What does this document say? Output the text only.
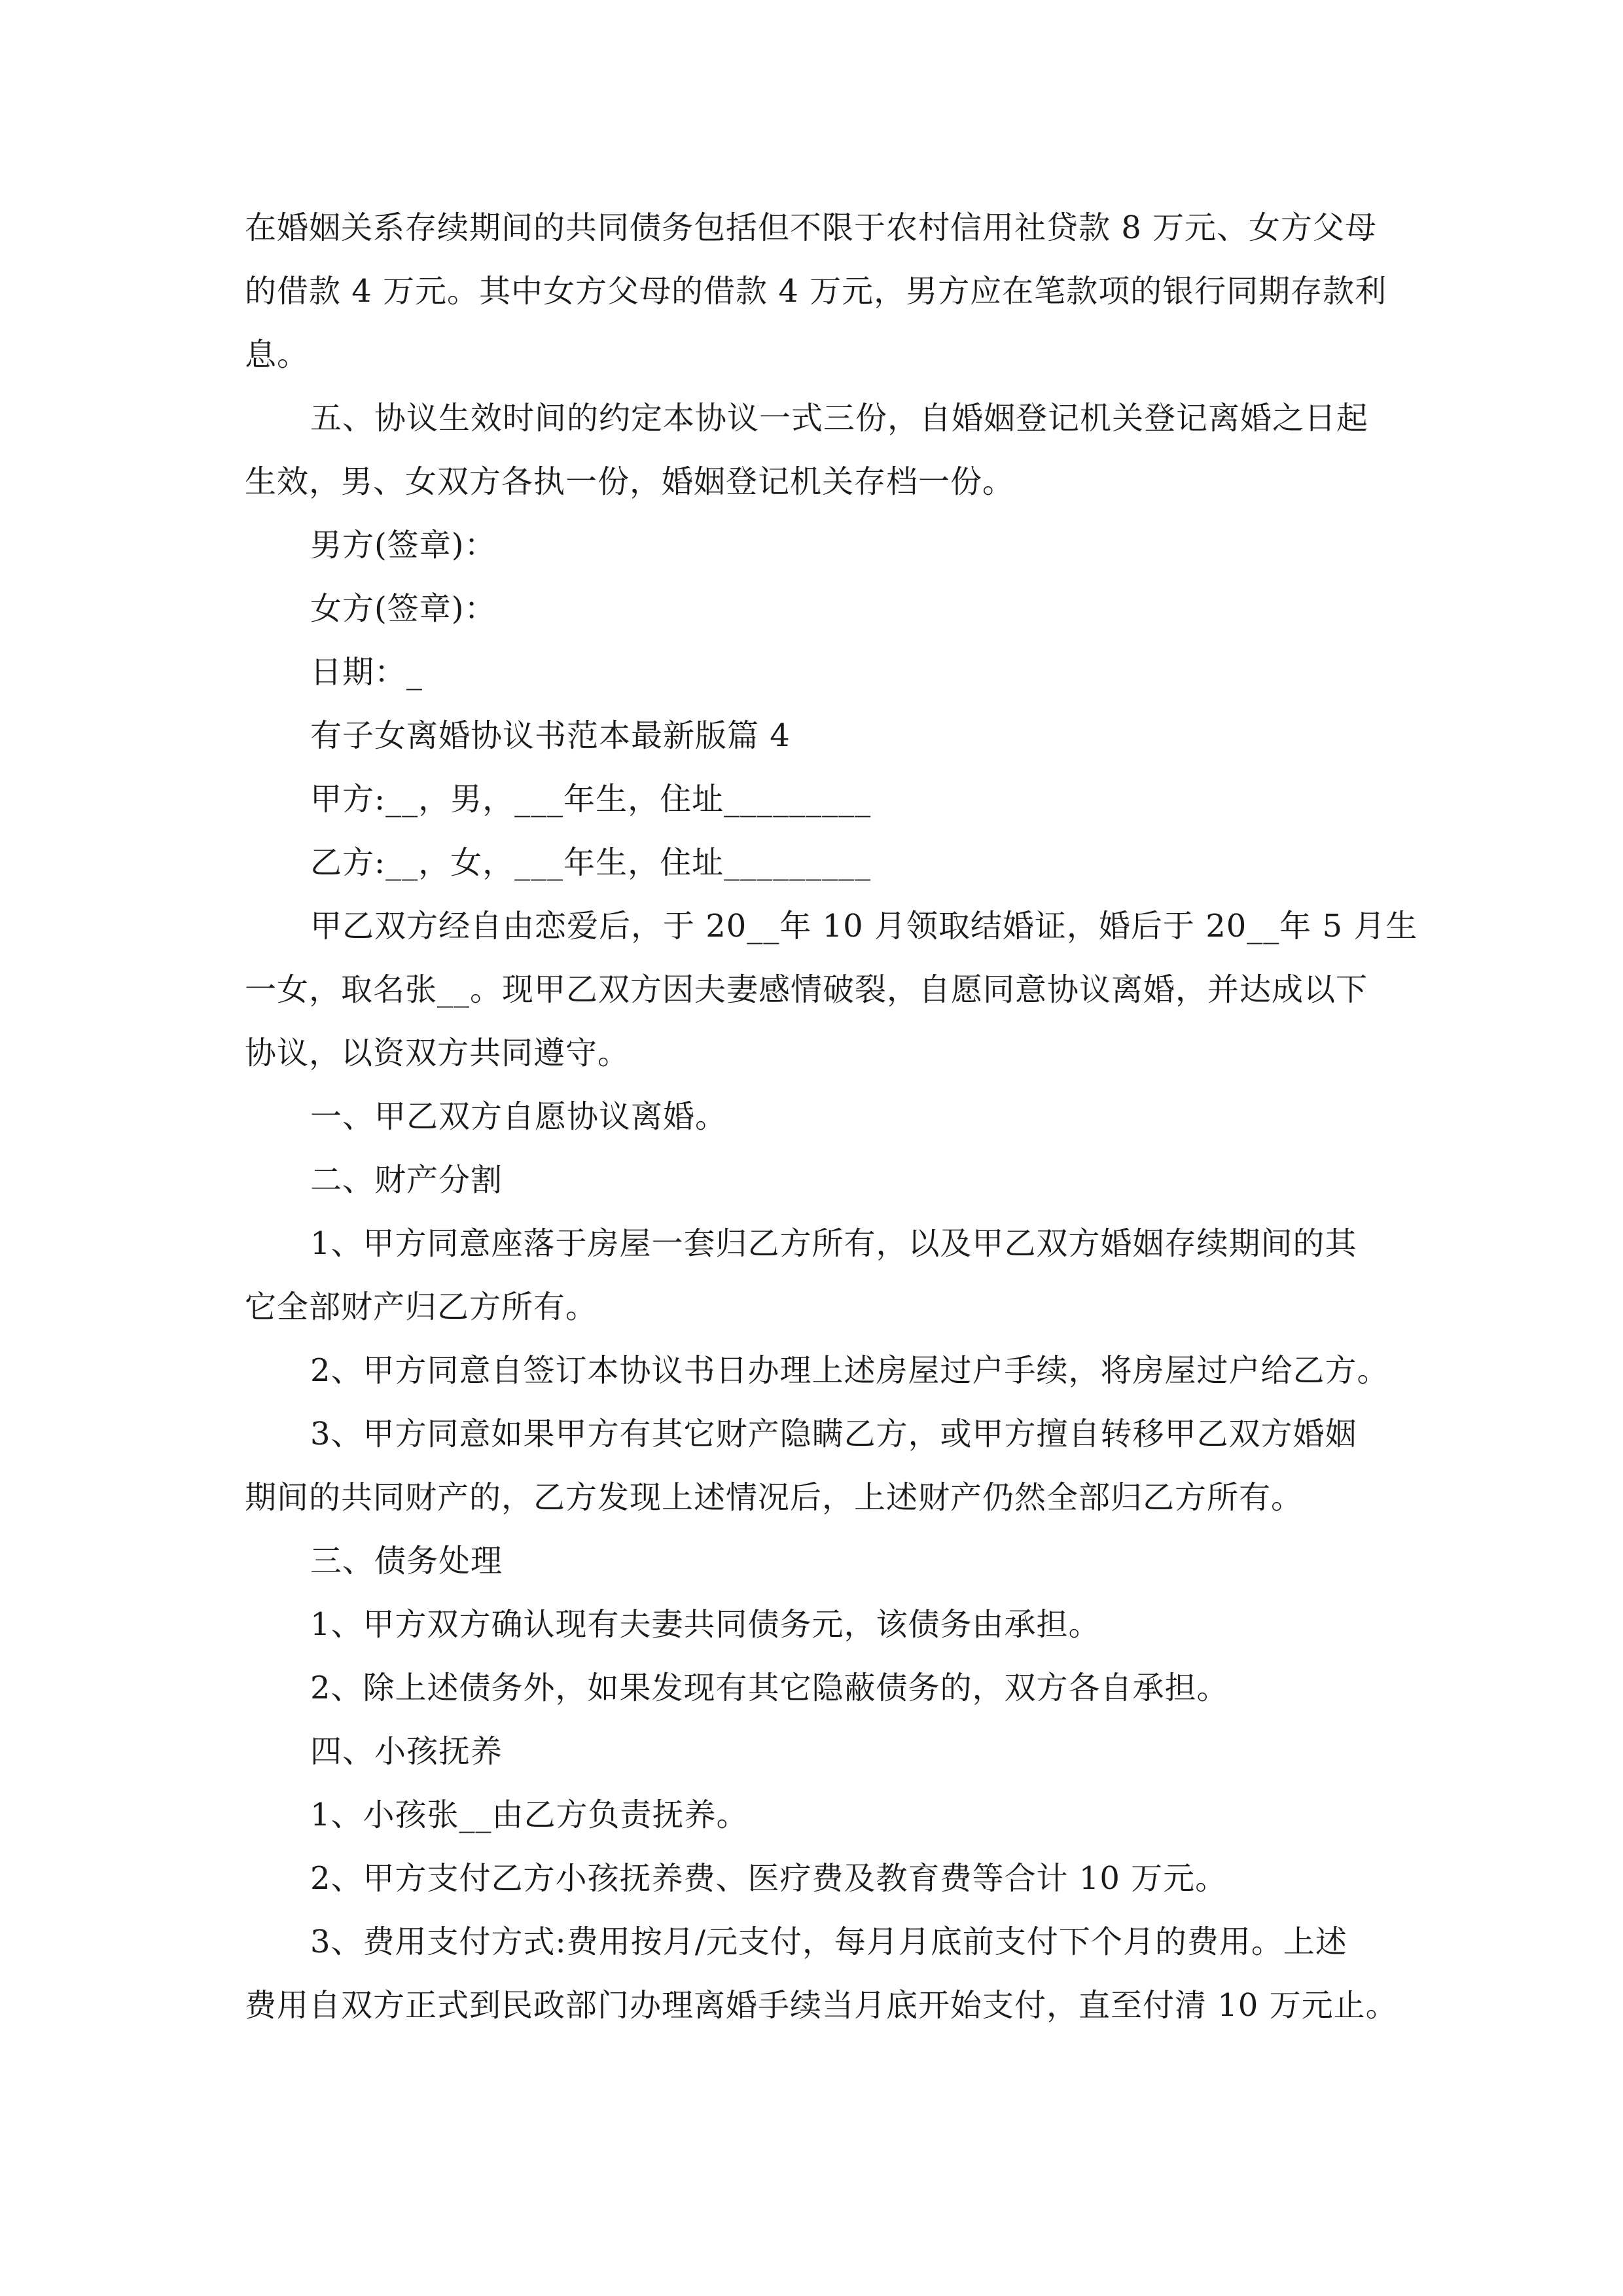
在婚姻关系存续期间的共同债务包括但不限于农村信用社贷款 8 万元、女方父母
的借款 4 万元。其中女方父母的借款 4 万元，男方应在笔款项的银行同期存款利
息。
五、协议生效时间的约定本协议一式三份，自婚姻登记机关登记离婚之日起
生效，男、女双方各执一份，婚姻登记机关存档一份。
男方(签章)：
女方(签章)：
日期：_
有子女离婚协议书范本最新版篇 4
甲方:__，男，___年生，住址_________
乙方:__，女，___年生，住址_________
甲乙双方经自由恋爱后，于 20__年 10 月领取结婚证，婚后于 20__年 5 月生
一女，取名张__。现甲乙双方因夫妻感情破裂，自愿同意协议离婚，并达成以下
协议，以资双方共同遵守。
一、甲乙双方自愿协议离婚。
二、财产分割
1、甲方同意座落于房屋一套归乙方所有，以及甲乙双方婚姻存续期间的其
它全部财产归乙方所有。
2、甲方同意自签订本协议书日办理上述房屋过户手续，将房屋过户给乙方。
3、甲方同意如果甲方有其它财产隐瞒乙方，或甲方擅自转移甲乙双方婚姻
期间的共同财产的，乙方发现上述情况后，上述财产仍然全部归乙方所有。
三、债务处理
1、甲方双方确认现有夫妻共同债务元，该债务由承担。
2、除上述债务外，如果发现有其它隐蔽债务的，双方各自承担。
四、小孩抚养
1、小孩张__由乙方负责抚养。
2、甲方支付乙方小孩抚养费、医疗费及教育费等合计 10 万元。
3、费用支付方式:费用按月/元支付，每月月底前支付下个月的费用。上述
费用自双方正式到民政部门办理离婚手续当月底开始支付，直至付清 10 万元止。
